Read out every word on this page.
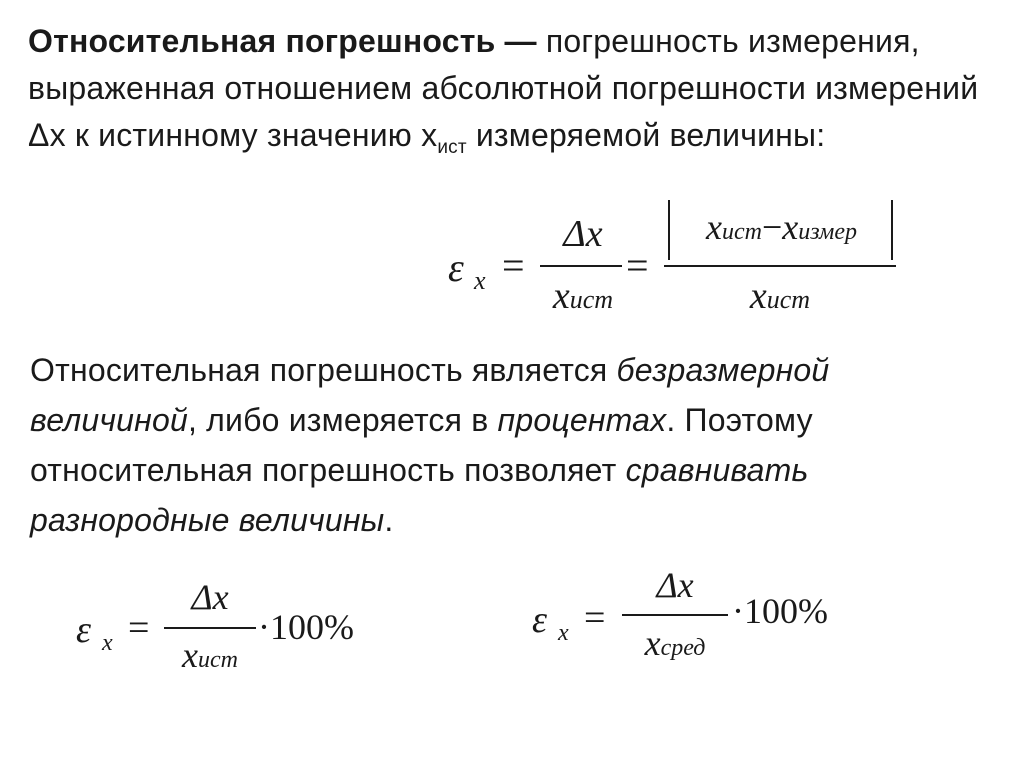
Относительная погрешность — погрешность измерения, выраженная отношением абсолютной погрешности измерений Δх к истинному значению $х_{ист}$ измеряемой величины:

ε x =
Δx
xист
=
xист−xизмер
xист

Относительная погрешность является безразмерной величиной, либо измеряется в процентах. Поэтому относительная погрешность позволяет сравнивать разнородные величины.

ε x =
Δx
xист
·100%	ε x =
Δx
xсред
·100%
